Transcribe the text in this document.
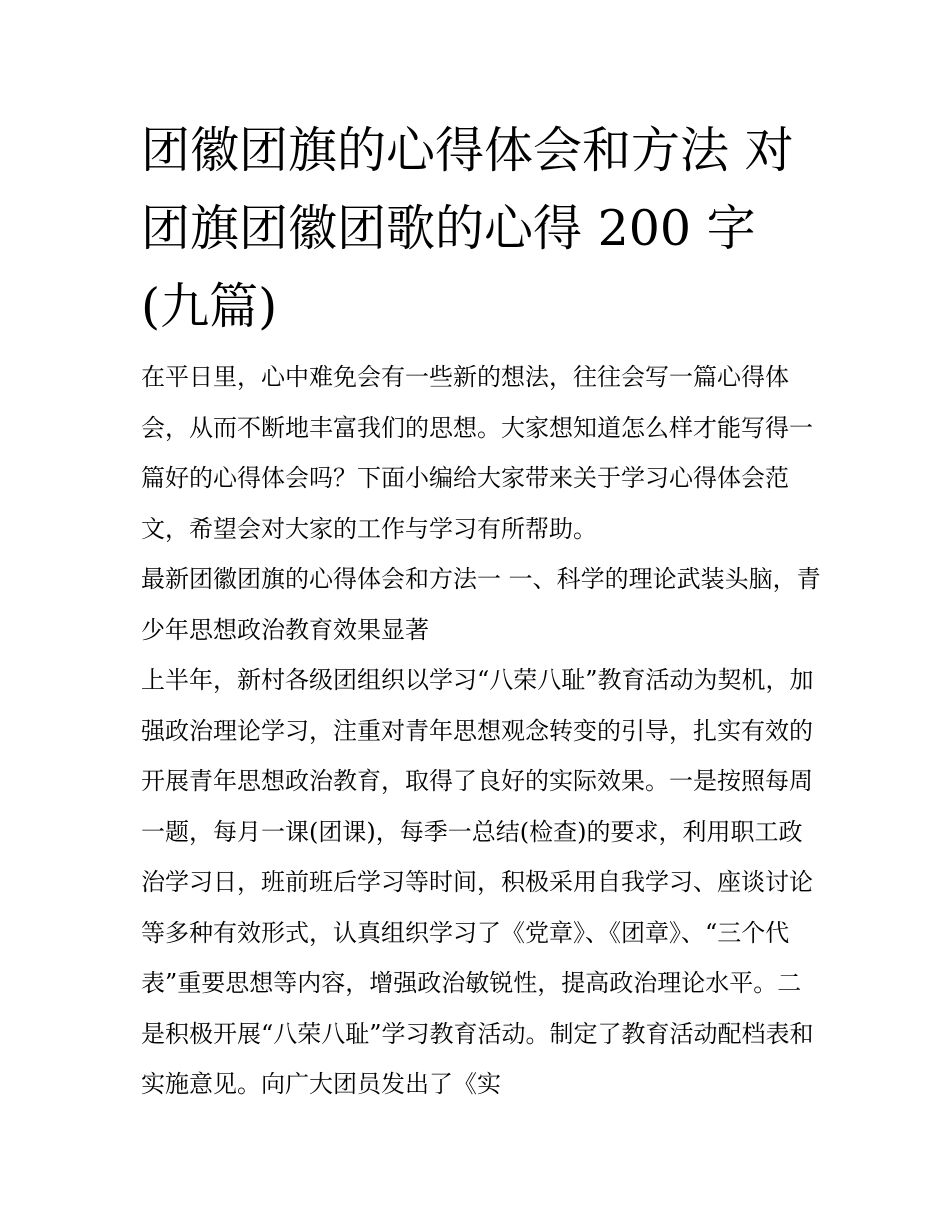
团徽团旗的心得体会和方法 对团旗团徽团歌的心得 200 字(九篇)

在平日里，心中难免会有一些新的想法，往往会写一篇心得体会，从而不断地丰富我们的思想。大家想知道怎么样才能写得一篇好的心得体会吗？下面小编给大家带来关于学习心得体会范文，希望会对大家的工作与学习有所帮助。

最新团徽团旗的心得体会和方法一 一、科学的理论武装头脑，青少年思想政治教育效果显著

上半年，新村各级团组织以学习“八荣八耻”教育活动为契机，加强政治理论学习，注重对青年思想观念转变的引导，扎实有效的开展青年思想政治教育，取得了良好的实际效果。一是按照每周一题，每月一课(团课)，每季一总结(检查)的要求，利用职工政治学习日，班前班后学习等时间，积极采用自我学习、座谈讨论等多种有效形式，认真组织学习了《党章》、《团章》、“三个代表”重要思想等内容，增强政治敏锐性，提高政治理论水平。二是积极开展“八荣八耻”学习教育活动。制定了教育活动配档表和实施意见。向广大团员发出了《实
